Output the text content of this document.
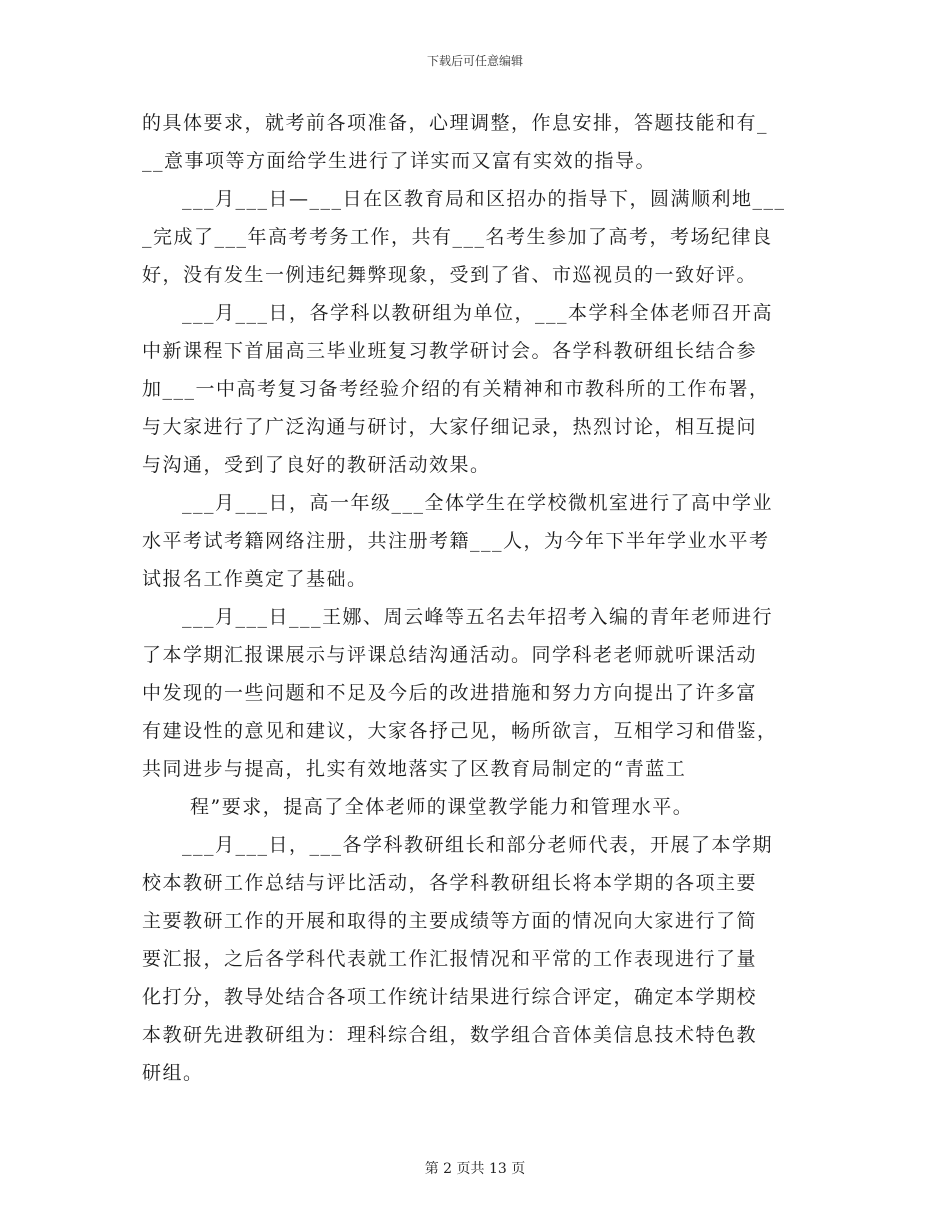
下载后可任意编辑
的具体要求，就考前各项准备，心理调整，作息安排，答题技能和有_
__意事项等方面给学生进行了详实而又富有实效的指导。
___月___日—___日在区教育局和区招办的指导下，圆满顺利地___
_完成了___年高考考务工作，共有___名考生参加了高考，考场纪律良
好，没有发生一例违纪舞弊现象，受到了省、市巡视员的一致好评。
___月___日，各学科以教研组为单位，___本学科全体老师召开高
中新课程下首届高三毕业班复习教学研讨会。各学科教研组长结合参
加___一中高考复习备考经验介绍的有关精神和市教科所的工作布署，
与大家进行了广泛沟通与研讨，大家仔细记录，热烈讨论，相互提问
与沟通，受到了良好的教研活动效果。
___月___日，高一年级___全体学生在学校微机室进行了高中学业
水平考试考籍网络注册，共注册考籍___人，为今年下半年学业水平考
试报名工作奠定了基础。
___月___日___王娜、周云峰等五名去年招考入编的青年老师进行
了本学期汇报课展示与评课总结沟通活动。同学科老老师就听课活动
中发现的一些问题和不足及今后的改进措施和努力方向提出了许多富
有建设性的意见和建议，大家各抒己见，畅所欲言，互相学习和借鉴，
共同进步与提高，扎实有效地落实了区教育局制定的“青蓝工
程”要求，提高了全体老师的课堂教学能力和管理水平。
___月___日，___各学科教研组长和部分老师代表，开展了本学期
校本教研工作总结与评比活动，各学科教研组长将本学期的各项主要
主要教研工作的开展和取得的主要成绩等方面的情况向大家进行了简
要汇报，之后各学科代表就工作汇报情况和平常的工作表现进行了量
化打分，教导处结合各项工作统计结果进行综合评定，确定本学期校
本教研先进教研组为：理科综合组，数学组合音体美信息技术特色教
研组。
第 2 页共 13 页
